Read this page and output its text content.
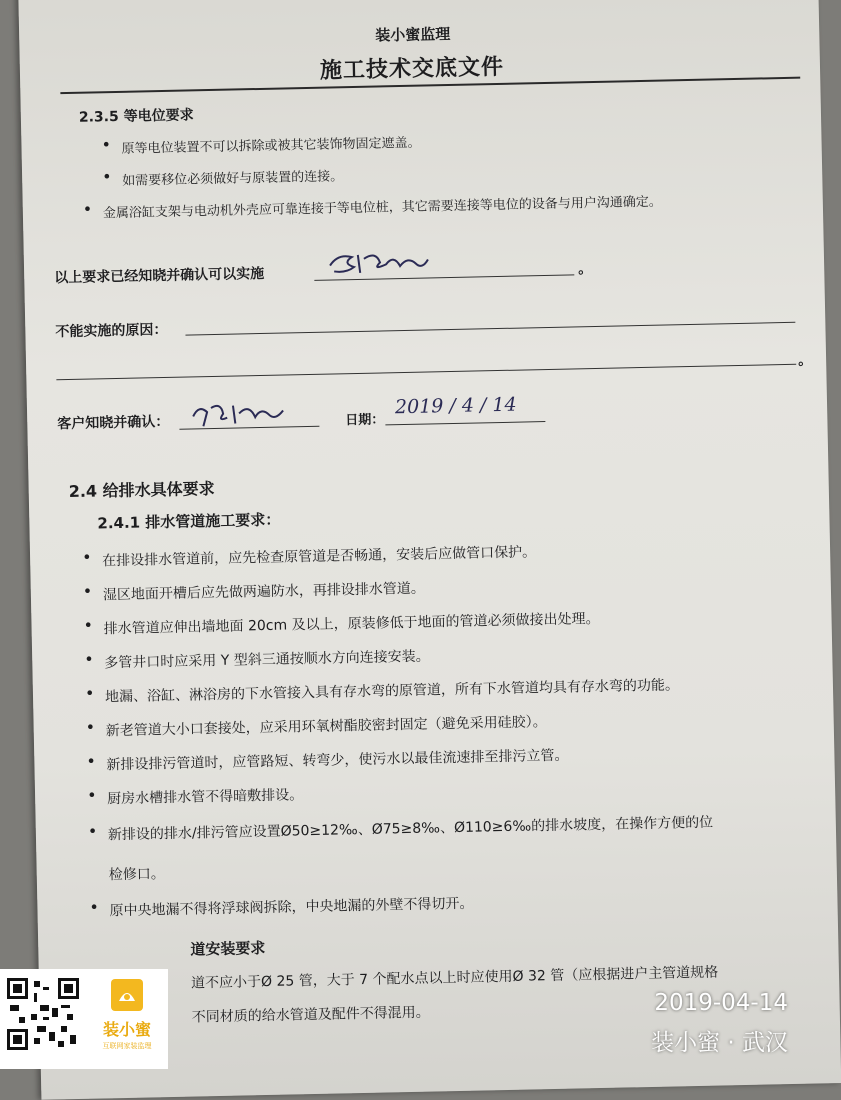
装小蜜监理
施工技术交底文件
2.3.5 等电位要求
• 原等电位装置不可以拆除或被其它装饰物固定遮盖。
• 如需要移位必须做好与原装置的连接。
• 金属浴缸支架与电动机外壳应可靠连接于等电位桩，其它需要连接等电位的设备与用户沟通确定。
以上要求已经知晓并确认可以实施	。
不能实施的原因：
。
客户知晓并确认：	日期：
2019 / 4 / 14
2.4 给排水具体要求
2.4.1 排水管道施工要求：
• 在排设排水管道前，应先检查原管道是否畅通，安装后应做管口保护。
• 湿区地面开槽后应先做两遍防水，再排设排水管道。
• 排水管道应伸出墙地面 20cm 及以上，原装修低于地面的管道必须做接出处理。
• 多管井口时应采用 Y 型斜三通按顺水方向连接安装。
• 地漏、浴缸、淋浴房的下水管接入具有存水弯的原管道，所有下水管道均具有存水弯的功能。
• 新老管道大小口套接处，应采用环氧树酯胶密封固定（避免采用硅胶）。
• 新排设排污管道时，应管路短、转弯少，使污水以最佳流速排至排污立管。
• 厨房水槽排水管不得暗敷排设。
• 新排设的排水/排污管应设置Ø50≥12‰、Ø75≥8‰、Ø110≥6‰的排水坡度，在操作方便的位
检修口。
• 原中央地漏不得将浮球阀拆除，中央地漏的外壁不得切开。
道安装要求
道不应小于Ø 25 管，大于 7 个配水点以上时应使用Ø 32 管（应根据进户主管道规格
不同材质的给水管道及配件不得混用。
装小蜜
互联网家装监理
2019-04-14
装小蜜 · 武汉
